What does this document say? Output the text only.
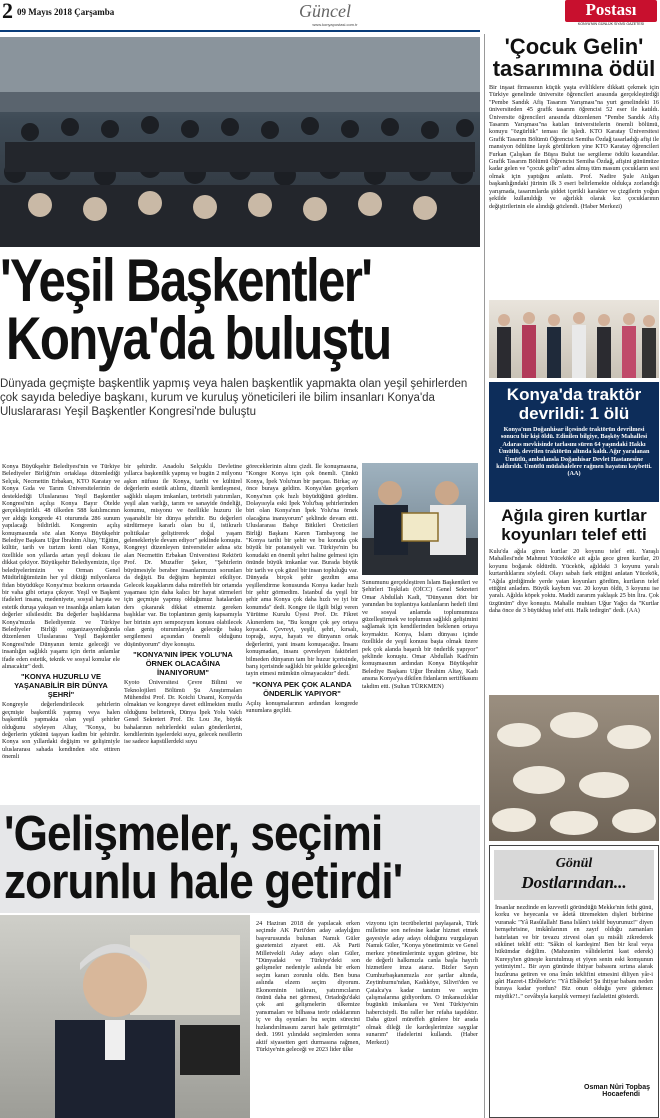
2 09 Mayıs 2018 Çarşamba	Güncel
www.konyapostasi.com.tr
Postası
KONYA'NIN GÜNLÜK SİYASİ GAZETESİ
'Yeşil Başkentler'
Konya'da buluştu
Dünyada geçmişte başkentlik yapmış veya halen başkentlik yapmakta olan yeşil şehirlerden çok sayıda belediye başkanı, kurum ve kuruluş yöneticileri ile bilim insanları Konya'da Uluslararası Yeşil Başkentler Kongresi'nde buluştu
Konya Büyükşehir Belediyesi'nin ve Türkiye Belediyeler Birliği'nin ortaklaşa düzenlediği Selçuk, Necmettin Erbakan, KTO Karatay ve Konya Gıda ve Tarım Üniversitelerinin de desteklediği Uluslararası Yeşil Başkentler Kongresi'nin açılışı Konya Bayır Ötelde gerçekleştirildi. 48 ülkeden 588 katılımcının yer aldığı kongrede 41 oturumda 286 sunum yapılacağı bildirildi. Kongrenin açılış konuşmasında söz alan Konya Büyükşehir Belediye Başkanı Uğur İbrahim Altay, "Eğitim, kültür, tarih ve turizm kenti olan Konya, özellikle son yıllarda artan yeşil dokusu ile dikkat çekiyor. Büyükşehir Belediyemizin, ilçe belediyelerimizin ve Orman Genel Müdürlüğümüzün her yıl diktiği milyonlarca fidan büyüdükçe Konya'mız bozkırın ortasında bir vaha gibi ortaya çıkıyor. Yeşil ve Başkent ifadeleri insana, medeniyete, sosyal hayata ve estetik duruşa yakışan ve insanlığa anlam katan değerler silsilesidir. Bu değerler başlıklarına Konya'mızda Belediyemiz ve Türkiye Belediyeler Birliği organizasyonluğunda düzenlenen Uluslararası Yeşil Başkentler Kongresi'nde Dünyanın temiz geleceği ve insanlığın sağlıklı yaşamı için derin anlamlar ifade eden estetik, teknik ve sosyal konular ele alınacaktır" dedi.
"KONYA HUZURLU VE YAŞANABİLİR BİR DÜNYA ŞEHRİ"
Kongreyle değerlendirilecek şehirlerin geçmişte başkentlik yapmış veya halen başkentlik yapmakta olan yeşil şehirler olduğunu söyleyen Altay, "Konya, bu değerlerin yükünü taşıyan kadim bir şehirdir. Konya son yıllardaki değişim ve gelişimiyle uluslararası sahada kendinden söz ettiren önemli
bir şehirdir. Anadolu Selçuklu Devletine yıllarca başkentlik yapmış ve bugün 2 milyonu aşkın nüfusu ile Konya, tarihi ve kültürel değerlerin estetik atılımı, düzenli kentleşmesi, sağlıklı ulaşım imkanları, teröristli yatırımları, yeşil alan varlığı, tarım ve sanayide öndeliği, konumu, misyonu ve özellikle huzuru ile yaşanabilir bir dünya şehridir. Bu değerleri sürdürmeye kararlı olan bu il, istikrarlı politikalar geliştirerek doğal yaşam gelenekleriyle devam ediyor" şeklinde konuştu. Kongreyi düzenleyen üniversiteler adına söz alan Necmettin Erbakan Üniversitesi Rektörü Prof. Dr. Muzaffer Şeker, "Şehirlerin büyümesiyle beraber insanlarımızın sorunları da değişti. Bu değişim hepimizi etkiliyor. Gelecek kuşaklarım daha müreffeh bir ortamda yaşaması için daha kalıcı bir hayat sürmeleri için geçmişte yapmış olduğumuz hatalardan ders çıkararak dikkat etmemiz gereken başlıklar var. Bu toplantının geniş kapsamıyla her birinin ayrı sempozyum konusu olabilecek olan geniş oturumlarıyla geleceğe bakış sergilemesi açısından önemli olduğunu düşünüyorum" diye konuştu.
"KONYA'NIN İPEK YOLU'NA ÖRNEK OLACAĞINA İNANIYORUM"
Kyoto Üniversitesi Çevre Bilimi ve Teknolojileri Bölümü Şu Araştırmaları Mühendisi Prof. Dr. Koichi Unami, Konya'da olmaktan ve kongreye davet edilmekten mutlu olduğunu belirterek, Dünya İpek Yolu Vakfı Genel Sekreteri Prof. Dr. Lou Jie, büyük bahalarının nehirlerdeki sulan gönderilerini, kendilerinin işşelerdeki suyu, gelecek nesillerin ise sadece kapsüllerdeki suyu
göreceklerinin altını çizdi. İle konuşmasına, "Kongre Konya için çok önemli. Çünkü Konya, İpek Yolu'nun bir parçası. Birkaç ay önce buraya geldim. Konya'dan geçerken Konya'nın çok hızlı büyüdüğünü gördüm. Dolayısıyla eski İpek Yolu'baş şehirlerinden biri olan Konya'nın İpek Yolu'na örnek olacağına inanıyorum" şeklinde devam etti. Uluslararası Bahçe Bitkileri Üreticileri Birliği Başkanı Karen Tambayong ise "Konya tarihi bir şehir ve bu konuda çok büyük bir potansiyeli var. Türkiye'nin bu konudaki en önemli şehri haline gelmesi için önünde büyük imkanlar var. Burada büyük bir tarih ve çok güzel bir insan topluluğu var. Dünyada birçok şehir gezdim ama yeşillendirme konusunda Konya kadar hızlı bir şehir görmedim. İstanbul da yeşil bir şehir ama Konya çok daha hızlı ve iyi bir konumda" dedi. Kongre ile ilgili bilgi veren Yürütme Kurulu Üyesi Prof. Dr. Fikret Akınerdem ise, "Bu kongre çok şey ortaya koyacak. Çevreyi, yeşili, şehri, kırsalı, toprağı, suyu, hayatı ve dünyanın ortak değerlerini, yani insanı konuşacağız. İnsanı konuşmadan, insanı çevreleyen faktörleri bilmeden dünyanın tam bir huzur içerisinde, barış içerisinde sağlıklı bir şekilde geleceğini tayin etmesi mümkün olmayacaktır" dedi.
"KONYA PEK ÇOK ALANDA ÖNDERLİK YAPIYOR"
Açılış konuşmalarının ardından kongrede sunumlara geçildi.
Sunumunu gerçekleştiren İslam Başkentleri ve Şehirleri Teşkilatı (OİCC) Genel Sekreteri Omar Abdullah Kadi, "Dünyanın dört bir yanından bu toplantıya katılanların hedefi ilmi ve sosyal anlamda toplumumuza güzelleştirmek ve toplumun sağlıklı gelişimini sağlamak için kendilerinden beklenen ortaya koymaktır. Konya, İslam dünyası içinde özellikle de yeşil konusu başta olmak üzere pek çok alanda başarılı bir önderlik yapıyor" şeklinde konuştu. Omar Abdullah Kadi'nin konuşmasının ardından Konya Büyükşehir Belediye Başkanı Uğur İbrahim Altay, Kadı ansına Konya'ya dikilen fidanların sertifikasını takdim etti. (Sultan TÜRKMEN)
'Gelişmeler, seçimi
zorunlu hale getirdi'
24 Haziran 2018 de yapılacak erken seçimde AK Parti'den aday adaylığını başvurusunda bulunan Namık Güler gazetemizi ziyaret etti. Ak Parti Milletvekili Aday adayı olan Güler, "Dünyadaki ve Türkiye'deki son gelişmeler nedeniyle aslında bir erken seçim kararı zorunlu oldu. Ben buna aslında elzem seçim diyorum. Ekonominin istikrarı, yatırımcıların önünü daha net görmesi, Ortadoğu'daki çok ani gelişmelerin ülkemize yansımaları ve bilhassa terör odaklarının iç ve dış oyunları bu seçim sürecini hızlandırılmasını zaruri hale getirmiştir" dedi. 1991 yılındaki seçimlerden sonra aktif siyasetten geri durmasına rağmen, Türkiye'nin geleceği ve 2023 lider ülke
vizyonu için tecrübelerini paylaşarak, Türk milletine son nefesine kadar hizmet etmek gayesiyle aday adayı olduğunu vurgulayan Namık Güler, "Konya yönetimimiz ve Genel merkez yönetimlerimiz uygun görürse, biz de değerli halkımızla canla başla hayırlı hizmetlere imza atarız. Bizler Sayın Cumhurbaşkanımızla zor şartlar altında, Zeytinburnu'ndan, Kadıköye, Silivri'den ve Çatalca'ya kadar tanıtım ve seçim çalışmalarına gidiyordum. O imkansızlıklar bugünkü imkanlara ve Yeni Türkiye'nin habercisiydi. Bu raller her refaha taşıdıktır. Daha güzel müreffeh günlere bir arada olmak dileği ile kardeşlerimize saygılar sunarım" ifadelerini kullandı. (Haber Merkezi)
'Çocuk Gelin'
tasarımına ödül
Bir inşaat firmasının küçük yaşta evliliklere dikkati çekmek için Türkiye genelinde üniversite öğrencileri arasında gerçekleştirdiği "Pembe Sandık Afiş Tasarım Yarışması"na yurt genelindeki 16 üniversiteden 45 grafik tasarım öğrencisi 52 eser ile katıldı. Üniversite öğrencileri arasında düzenlenen "Pembe Sandık Afiş Tasarım Yarışması"na katılan üniversitelerin önemli bölümü, konuyu "özgürlük" teması ile işledi. KTO Karatay Üniversitesi Grafik Tasarım Bölümü Öğrencisi Semiha Özdağ tasarladığı afişi ile mansiyon ödülüne layık görülürken yine KTO Karatay öğrencileri Furkan Çalışkan ile Büşra Bulut ise sergileme ödülü kazandılar. Grafik Tasarım Bölümü Öğrencisi Semiha Özdağ, afişini günümüze kadar gelen ve "çocuk gelin" adını almış tüm masum çocukların sesi olmak için yaptığını anlattı. Prof. Nadire Şule Atılgan başkanlığındaki jürinin ilk 3 eseri belirlemekte oldukça zorlandığı yarışmada, tasarımlarda şiddet içerikli karakter ve çizgilerin yoğun şekilde kullanıldığı ve ağırlıklı olarak kız çocuklarının değiştirilerinin ele alındığı gözlendi. (Haber Merkezi)
Konya'da traktör
devrildi: 1 ölü
Konya'nın Doğanhisar ilçesinde traktörün devrilmesi sonucu bir kişi öldü. Edinilen bilgiye, Başköy Mahallesi Adaras mevkisinde tarlasını süren 64 yaşındaki Hakkı Ümütlü, devrilen traktörün altında kaldı. Ağır yaralanan Ümütlü, ambulansla Doğanhisar Devlet Hastanesine kaldırıldı. Ümütlü müdahalelere rağmen hayatını kaybetti. (AA)
Ağıla giren kurtlar
koyunları telef etti
Kulu'da ağıla giren kurtlar 20 koyunu telef etti. Yaraşlı Mahallesi'nde Mahmut Yücekök'e ait ağıla gece giren kurtlar, 20 koyunu boğarak öldürdü. Yücekök, ağıldaki 3 koyunu yaralı kurtardıklarını söyledi. Olayı sabah fark ettiğini anlatan Yücekök, "Ağıla girdiğimde yerde yatan koyunları gördüm, kurtların telef ettiğini anladım. Büyük kaybım var. 20 koyun öldü, 3 koyunu ise yaralı. Ağılda köpek yoktu. Maddi zararım yaklaşık 25 bin lira. Çok üzgünüm" diye konuştu. Mahalle muhtarı Uğur Yağcı da "Kurtlar daha önce de 3 büyükbaş telef etti. Halk tedirgin" dedi. (AA)
Gönül
Dostlarından...
İnsanlar nezdinde en kuvvetli göründüğü Mekke'nin fethi günü, korku ve heyecanla ve âdetâ titremekten dişleri birbirine vuranak: "Yâ Rasûlallah! Bana İslâm'ı teklif buyurunuz!" diyen hemşehrisine, imkânlarının en zayıf olduğu zamanları hatırlatan ve bir tevazu zirvesi olan şu misâli zikrederek sükûnet teklif etti: "Sâkin ol kardeşim! Ben bir kral veya hükümdar değilim. (Mahzenim vâlidelerini kast ederek) Kureyş'ten güneşte kurutulmuş et yiyen senin eski komşunun yetimiyim!.. Bir ayın gününde ihtiyar babasını sırtına alarak huzûruna getiren ve ona îmân teklifini etmesini diliyen yâr-i gâri Hazret-i Ebûbekir'e: "Yâ Ebâbekr! Şu ihtiyar babanı neden buraya kadar yordun? Biz onun olduğu yere gidemez miydik?!.." cevâbıyla karşılık vermeyi fazlaletini gösterdi.
Osman Nûri Topbaş
Hocaefendi
